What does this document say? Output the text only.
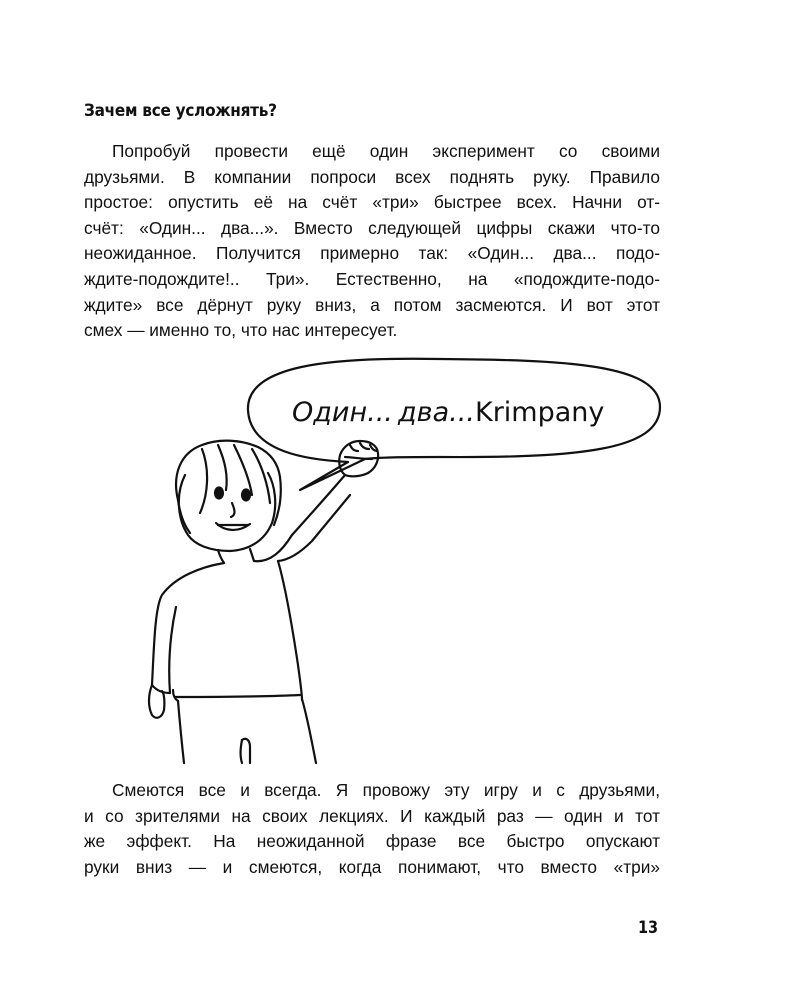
Зачем все усложнять?
Попробуй провести ещё один эксперимент со своими
друзьями. В компании попроси всех поднять руку. Правило
простое: опустить её на счёт «три» быстрее всех. Начни от-
счёт: «Один... два...». Вместо следующей цифры скажи что-то
неожиданное. Получится примерно так: «Один... два... подо-
ждите-подождите!.. Три». Естественно, на «подождите-подо-
ждите» все дёрнут руку вниз, а потом засмеются. И вот этот
смех — именно то, что нас интересует.
Один... два... Krimpany
Смеются все и всегда. Я провожу эту игру и с друзьями,
и со зрителями на своих лекциях. И каждый раз — один и тот
же эффект. На неожиданной фразе все быстро опускают
руки вниз — и смеются, когда понимают, что вместо «три»

13
